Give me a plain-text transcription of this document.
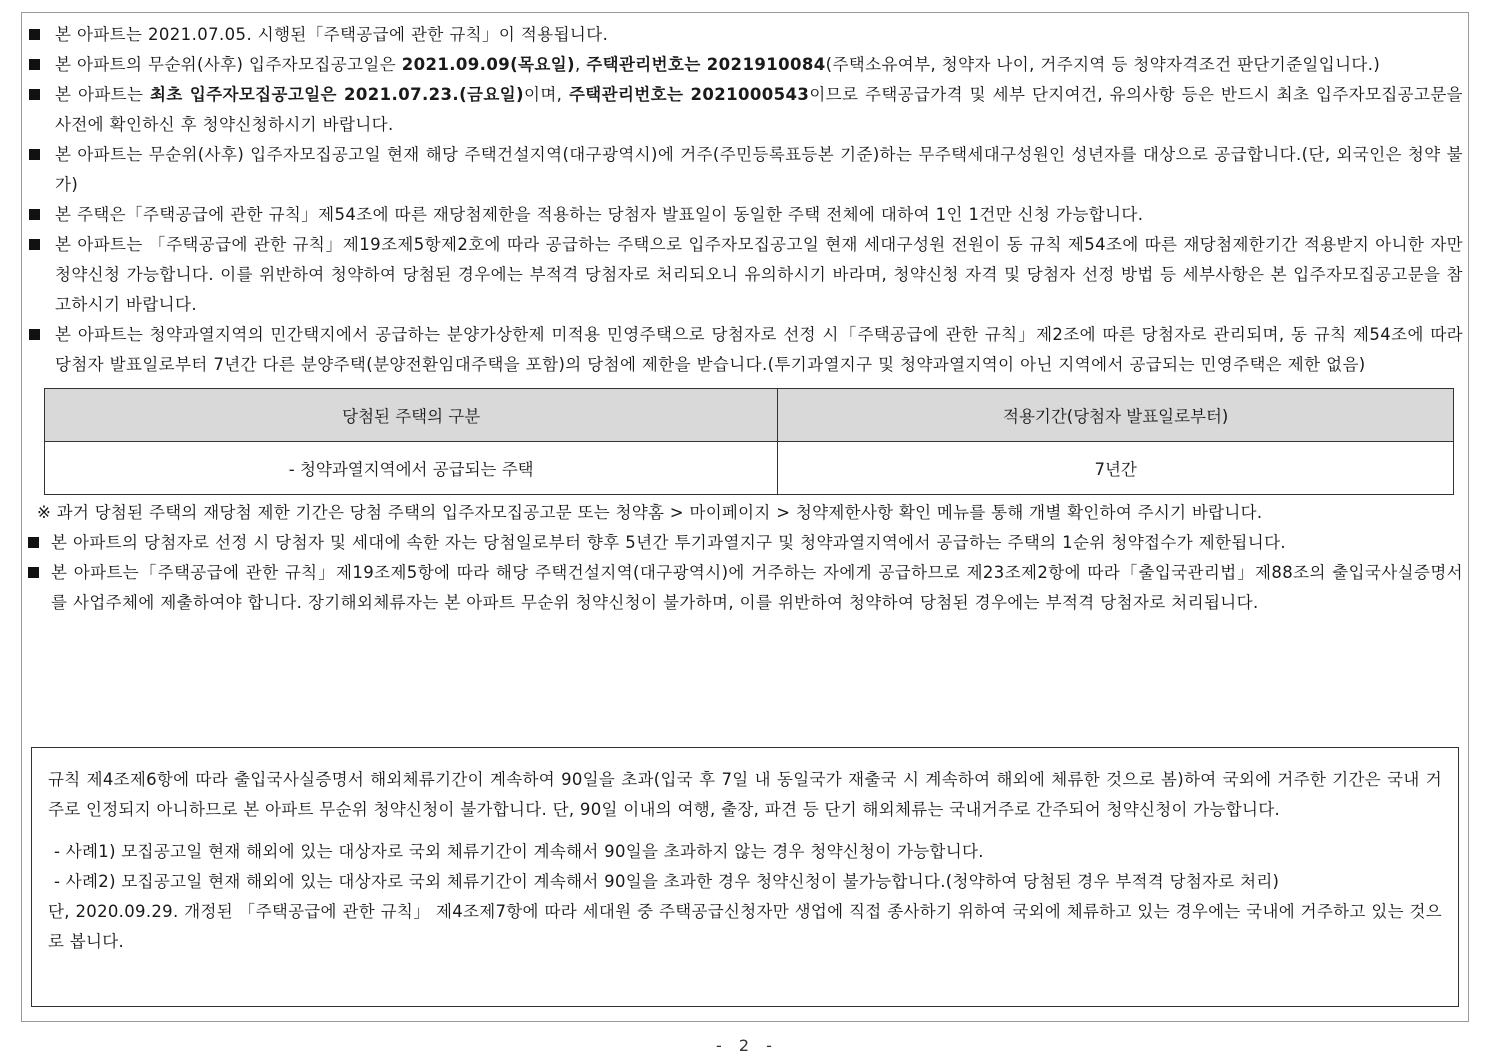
본 아파트는 2021.07.05. 시행된「주택공급에 관한 규칙」이 적용됩니다.
본 아파트의 무순위(사후) 입주자모집공고일은 2021.09.09(목요일), 주택관리번호는 2021910084(주택소유여부, 청약자 나이, 거주지역 등 청약자격조건 판단기준일입니다.)
본 아파트는 최초 입주자모집공고일은 2021.07.23.(금요일)이며, 주택관리번호는 2021000543이므로 주택공급가격 및 세부 단지여건, 유의사항 등은 반드시 최초 입주자모집공고문을 사전에 확인하신 후 청약신청하시기 바랍니다.
본 아파트는 무순위(사후) 입주자모집공고일 현재 해당 주택건설지역(대구광역시)에 거주(주민등록표등본 기준)하는 무주택세대구성원인 성년자를 대상으로 공급합니다.(단, 외국인은 청약 불가)
본 주택은「주택공급에 관한 규칙」제54조에 따른 재당첨제한을 적용하는 당첨자 발표일이 동일한 주택 전체에 대하여 1인 1건만 신청 가능합니다.
본 아파트는 「주택공급에 관한 규칙」제19조제5항제2호에 따라 공급하는 주택으로 입주자모집공고일 현재 세대구성원 전원이 동 규칙 제54조에 따른 재당첨제한기간 적용받지 아니한 자만 청약신청 가능합니다. 이를 위반하여 청약하여 당첨된 경우에는 부적격 당첨자로 처리되오니 유의하시기 바라며, 청약신청 자격 및 당첨자 선정 방법 등 세부사항은 본 입주자모집공고문을 참고하시기 바랍니다.
본 아파트는 청약과열지역의 민간택지에서 공급하는 분양가상한제 미적용 민영주택으로 당첨자로 선정 시「주택공급에 관한 규칙」제2조에 따른 당첨자로 관리되며, 동 규칙 제54조에 따라 당첨자 발표일로부터 7년간 다른 분양주택(분양전환임대주택을 포함)의 당첨에 제한을 받습니다.(투기과열지구 및 청약과열지역이 아닌 지역에서 공급되는 민영주택은 제한 없음)
당첨된 주택의 구분	적용기간(당첨자 발표일로부터)
- 청약과열지역에서 공급되는 주택	7년간
※ 과거 당첨된 주택의 재당첨 제한 기간은 당첨 주택의 입주자모집공고문 또는 청약홈 > 마이페이지 > 청약제한사항 확인 메뉴를 통해 개별 확인하여 주시기 바랍니다.
본 아파트의 당첨자로 선정 시 당첨자 및 세대에 속한 자는 당첨일로부터 향후 5년간 투기과열지구 및 청약과열지역에서 공급하는 주택의 1순위 청약접수가 제한됩니다.
본 아파트는「주택공급에 관한 규칙」제19조제5항에 따라 해당 주택건설지역(대구광역시)에 거주하는 자에게 공급하므로 제23조제2항에 따라「출입국관리법」제88조의 출입국사실증명서를 사업주체에 제출하여야 합니다. 장기해외체류자는 본 아파트 무순위 청약신청이 불가하며, 이를 위반하여 청약하여 당첨된 경우에는 부적격 당첨자로 처리됩니다.

규칙 제4조제6항에 따라 출입국사실증명서 해외체류기간이 계속하여 90일을 초과(입국 후 7일 내 동일국가 재출국 시 계속하여 해외에 체류한 것으로 봄)하여 국외에 거주한 기간은 국내 거주로 인정되지 아니하므로 본 아파트 무순위 청약신청이 불가합니다. 단, 90일 이내의 여행, 출장, 파견 등 단기 해외체류는 국내거주로 간주되어 청약신청이 가능합니다.

- 사례1) 모집공고일 현재 해외에 있는 대상자로 국외 체류기간이 계속해서 90일을 초과하지 않는 경우 청약신청이 가능합니다.

- 사례2) 모집공고일 현재 해외에 있는 대상자로 국외 체류기간이 계속해서 90일을 초과한 경우 청약신청이 불가능합니다.(청약하여 당첨된 경우 부적격 당첨자로 처리)

단, 2020.09.29. 개정된 「주택공급에 관한 규칙」 제4조제7항에 따라 세대원 중 주택공급신청자만 생업에 직접 종사하기 위하여 국외에 체류하고 있는 경우에는 국내에 거주하고 있는 것으로 봅니다.

- 2 -
